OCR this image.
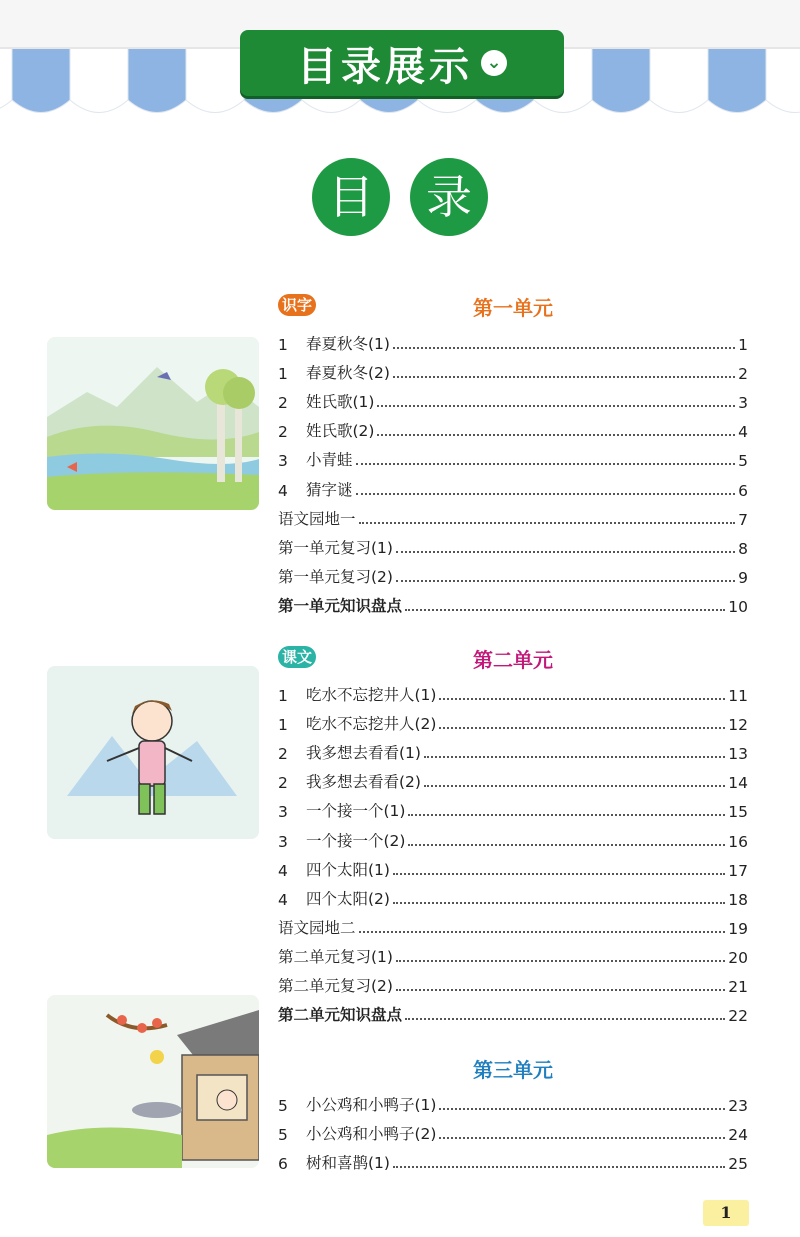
目录展示 ⌄
目	录
识字	第一单元
1	春夏秋冬(1)	1
1	春夏秋冬(2)	2
2	姓氏歌(1)	3
2	姓氏歌(2)	4
3	小青蛙	5
4	猜字谜	6
语文园地一	7
第一单元复习(1)	8
第一单元复习(2)	9
第一单元知识盘点	10
课文	第二单元
1	吃水不忘挖井人(1)	11
1	吃水不忘挖井人(2)	12
2	我多想去看看(1)	13
2	我多想去看看(2)	14
3	一个接一个(1)	15
3	一个接一个(2)	16
4	四个太阳(1)	17
4	四个太阳(2)	18
语文园地二	19
第二单元复习(1)	20
第二单元复习(2)	21
第二单元知识盘点	22
第三单元
5	小公鸡和小鸭子(1)	23
5	小公鸡和小鸭子(2)	24
6	树和喜鹊(1)	25
1
